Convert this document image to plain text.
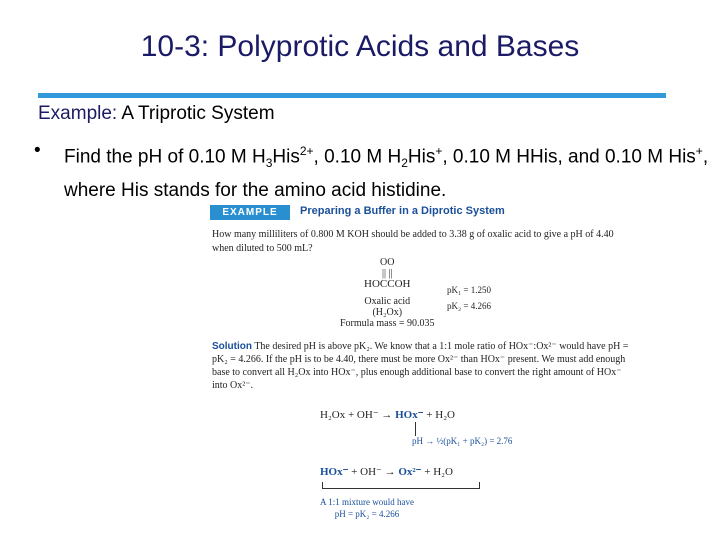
10-3: Polyprotic Acids and Bases
Example: A Triprotic System
• Find the pH of 0.10 M $H_3His^{2+}$, 0.10 M $H_2His^+$, 0.10 M HHis, and 0.10 M His+, where His stands for the amino acid histidine.
EXAMPLE	Preparing a Buffer in a Diprotic System
How many milliliters of 0.800 M KOH should be added to 3.38 g of oxalic acid to give a pH of 4.40 when diluted to 500 mL?
OO
|| ||
HOCCOH
Oxalic acid
(H₂Ox)
Formula mass = 90.035
pK₁ = 1.250
pK₂ = 4.266
Solution The desired pH is above pK₂. We know that a 1:1 mole ratio of HOx⁻:Ox²⁻ would have pH = pK₂ = 4.266. If the pH is to be 4.40, there must be more Ox²⁻ than HOx⁻ present. We must add enough base to convert all H₂Ox into HOx⁻, plus enough additional base to convert the right amount of HOx⁻ into Ox²⁻.
H₂Ox + OH⁻ → HOx⁻ + H₂O
pH → ½(pK₁ + pK₂) = 2.76
HOx⁻ + OH⁻ → Ox²⁻ + H₂O
A 1:1 mixture would have
pH = pK₂ = 4.266
